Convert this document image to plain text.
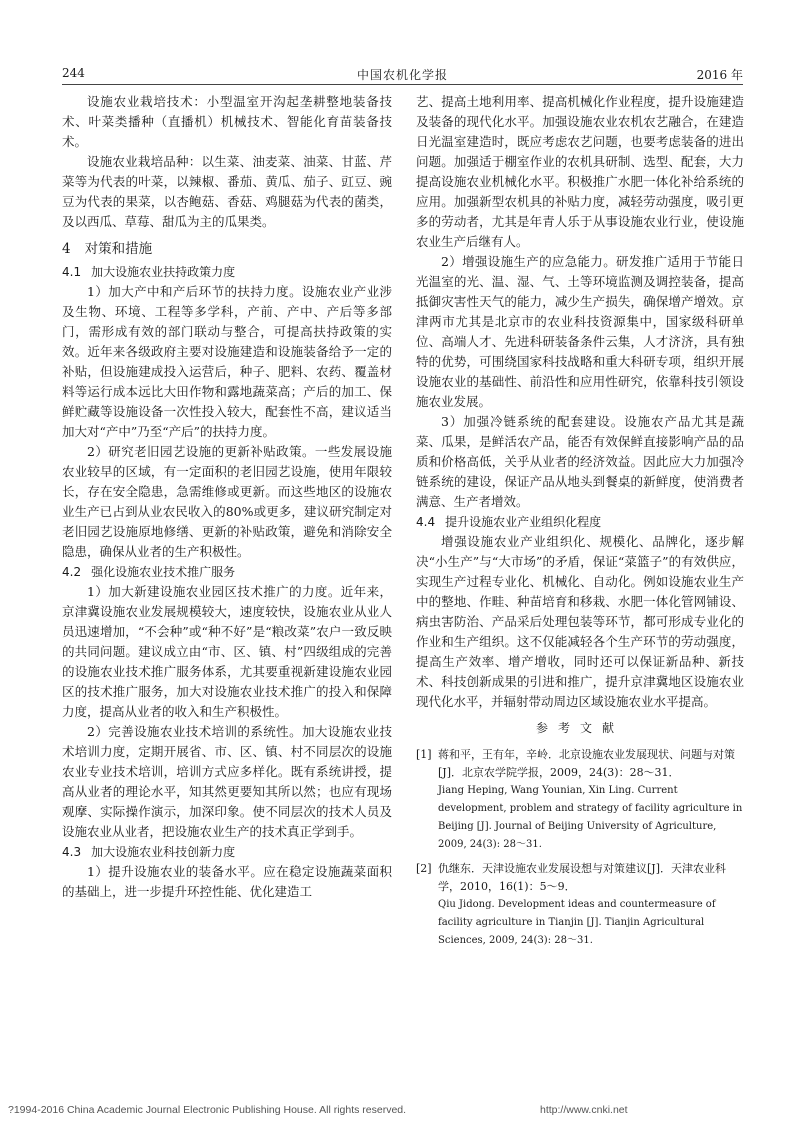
244	中国农机化学报	2016 年

设施农业栽培技术：小型温室开沟起垄耕整地装备技术、叶菜类播种（直播机）机械技术、智能化育苗装备技术。

设施农业栽培品种：以生菜、油麦菜、油菜、甘蓝、芹菜等为代表的叶菜，以辣椒、番茄、黄瓜、茄子、豇豆、豌豆为代表的果菜，以杏鲍菇、香菇、鸡腿菇为代表的菌类，及以西瓜、草莓、甜瓜为主的瓜果类。

4 对策和措施
4.1 加大设施农业扶持政策力度

1）加大产中和产后环节的扶持力度。设施农业产业涉及生物、环境、工程等多学科，产前、产中、产后等多部门，需形成有效的部门联动与整合，可提高扶持政策的实效。近年来各级政府主要对设施建造和设施装备给予一定的补贴，但设施建成投入运营后，种子、肥料、农药、覆盖材料等运行成本远比大田作物和露地蔬菜高；产后的加工、保鲜贮藏等设施设备一次性投入较大，配套性不高，建议适当加大对“产中”乃至“产后”的扶持力度。

2）研究老旧园艺设施的更新补贴政策。一些发展设施农业较早的区域，有一定面积的老旧园艺设施，使用年限较长，存在安全隐患，急需维修或更新。而这些地区的设施农业生产已占到从业农民收入的80%或更多，建议研究制定对老旧园艺设施原地修缮、更新的补贴政策，避免和消除安全隐患，确保从业者的生产积极性。

4.2 强化设施农业技术推广服务

1）加大新建设施农业园区技术推广的力度。近年来，京津冀设施农业发展规模较大，速度较快，设施农业从业人员迅速增加，“不会种”或“种不好”是“粮改菜”农户一致反映的共同问题。建议成立由“市、区、镇、村”四级组成的完善的设施农业技术推广服务体系，尤其要重视新建设施农业园区的技术推广服务，加大对设施农业技术推广的投入和保障力度，提高从业者的收入和生产积极性。

2）完善设施农业技术培训的系统性。加大设施农业技术培训力度，定期开展省、市、区、镇、村不同层次的设施农业专业技术培训，培训方式应多样化。既有系统讲授，提高从业者的理论水平，知其然更要知其所以然；也应有现场观摩、实际操作演示，加深印象。使不同层次的技术人员及设施农业从业者，把设施农业生产的技术真正学到手。

4.3 加大设施农业科技创新力度

1）提升设施农业的装备水平。应在稳定设施蔬菜面积的基础上，进一步提升环控性能、优化建造工

艺、提高土地利用率、提高机械化作业程度，提升设施建造及装备的现代化水平。加强设施农业农机农艺融合，在建造日光温室建造时，既应考虑农艺问题，也要考虑装备的进出问题。加强适于棚室作业的农机具研制、选型、配套，大力提高设施农业机械化水平。积极推广水肥一体化补给系统的应用。加强新型农机具的补贴力度，减轻劳动强度，吸引更多的劳动者，尤其是年青人乐于从事设施农业行业，使设施农业生产后继有人。

2）增强设施生产的应急能力。研发推广适用于节能日光温室的光、温、湿、气、土等环境监测及调控装备，提高抵御灾害性天气的能力，减少生产损失，确保增产增效。京津两市尤其是北京市的农业科技资源集中，国家级科研单位、高端人才、先进科研装备条件云集，人才济济，具有独特的优势，可围绕国家科技战略和重大科研专项，组织开展设施农业的基础性、前沿性和应用性研究，依靠科技引领设施农业发展。

3）加强冷链系统的配套建设。设施农产品尤其是蔬菜、瓜果，是鲜活农产品，能否有效保鲜直接影响产品的品质和价格高低，关乎从业者的经济效益。因此应大力加强冷链系统的建设，保证产品从地头到餐桌的新鲜度，使消费者满意、生产者增效。

4.4 提升设施农业产业组织化程度

增强设施农业产业组织化、规模化、品牌化，逐步解决“小生产”与“大市场”的矛盾，保证“菜篮子”的有效供应，实现生产过程专业化、机械化、自动化。例如设施农业生产中的整地、作畦、种苗培育和移栽、水肥一体化管网铺设、病虫害防治、产品采后处理包装等环节，都可形成专业化的作业和生产组织。这不仅能减轻各个生产环节的劳动强度，提高生产效率、增产增收，同时还可以保证新品种、新技术、科技创新成果的引进和推广，提升京津冀地区设施农业现代化水平，并辐射带动周边区域设施农业水平提高。

参考文献
[1] 蒋和平，王有年，辛岭．北京设施农业发展现状、问题与对策[J]．北京农学院学报，2009，24(3)：28～31．
Jiang Heping, Wang Younian, Xin Ling. Current development, problem and strategy of facility agriculture in Beijing [J]. Journal of Beijing University of Agriculture, 2009, 24(3): 28～31.
[2] 仇继东．天津设施农业发展设想与对策建议[J]．天津农业科学，2010，16(1)：5～9．
Qiu Jidong. Development ideas and countermeasure of facility agriculture in Tianjin [J]. Tianjin Agricultural Sciences, 2009, 24(3): 28～31.
?1994-2016 China Academic Journal Electronic Publishing House. All rights reserved.	http://www.cnki.net
